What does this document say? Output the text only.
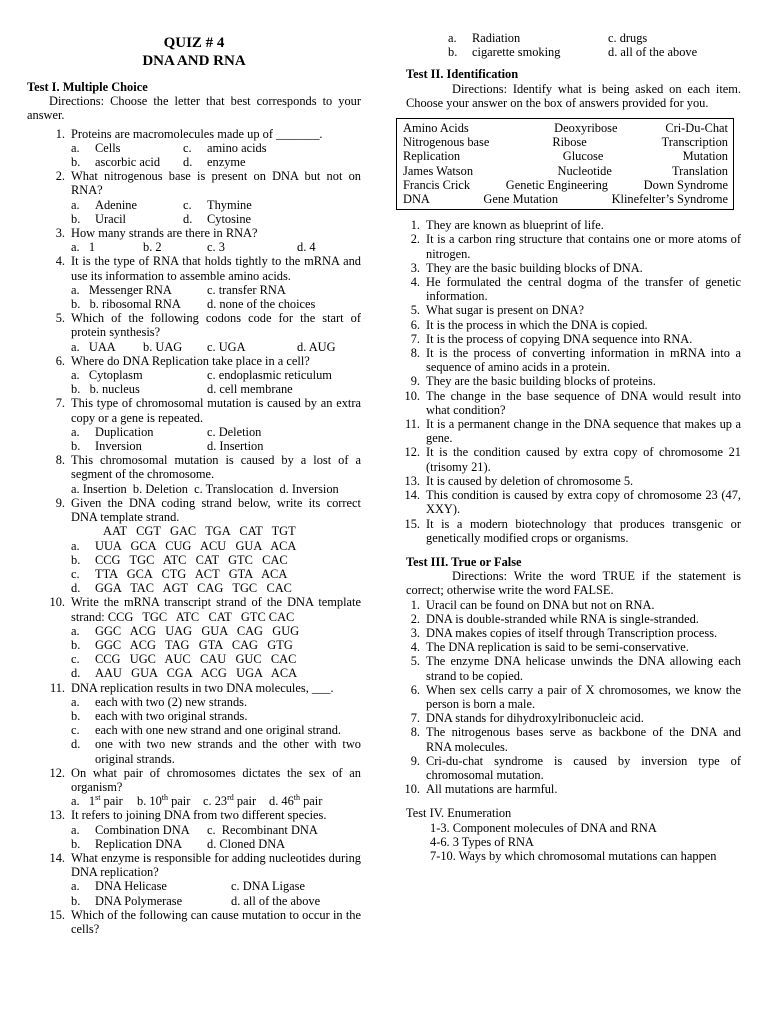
QUIZ # 4
DNA AND RNA
Test I. Multiple Choice
Directions: Choose the letter that best corresponds to your answer.
1. Proteins are macromolecules made up of _______.
a.	Cells	c.	amino acids
b.	ascorbic acid	d.	enzyme
2. What nitrogenous base is present on DNA but not on RNA?
a.	Adenine	c.	Thymine
b.	Uracil	d.	Cytosine
3. How many strands are there in RNA?
a.   1	b. 2	c. 3	d. 4
4. It is the type of RNA that holds tightly to the mRNA and use its information to assemble amino acids.
a.   Messenger RNA	c. transfer RNA
b.   b. ribosomal RNA	d. none of the choices
5. Which of the following codons code for the start of protein synthesis?
a.   UAA	b. UAG	c. UGA	d. AUG
6. Where do DNA Replication take place in a cell?
a.   Cytoplasm	c. endoplasmic reticulum
b.   b. nucleus	d. cell membrane
7. This type of chromosomal mutation is caused by an extra copy or a gene is repeated.
a.	Duplication	c. Deletion
b.	Inversion	d. Insertion
8. This chromosomal mutation is caused by a lost of a segment of the chromosome.
a. Insertion  b. Deletion  c. Translocation  d. Inversion
9. Given the DNA coding strand below, write its correct DNA template strand.
AAT   CGT   GAC   TGA   CAT   TGT
a.	UUA   GCA   CUG   ACU   GUA   ACA
b.	CCG   TGC   ATC   CAT   GTC   CAC
c.	TTA   GCA   CTG   ACT   GTA   ACA
d.	GGA   TAC   AGT   CAG   TGC   CAC
10. Write the mRNA transcript strand of the DNA template strand: CCG   TGC   ATC   CAT   GTC CAC
a.	GGC   ACG   UAG   GUA   CAG   GUG
b.	GGC   ACG   TAG   GTA   CAG   GTG
c.	CCG   UGC   AUC   CAU   GUC   CAC
d.	AAU   GUA   CGA   ACG   UGA   ACA
11. DNA replication results in two DNA molecules, ___.
a.	each with two (2) new strands.
b.	each with two original strands.
c.	each with one new strand and one original strand.
d.	one with two new strands and the other with two original strands.
12. On what pair of chromosomes dictates the sex of an organism?
a.   1st pair	b. 10th pair	c. 23rd pair	d. 46th pair
13. It refers to joining DNA from two different species.
a.	Combination DNA	c.  Recombinant DNA
b.	Replication DNA	d. Cloned DNA
14. What enzyme is responsible for adding nucleotides during DNA replication?
a.	DNA Helicase	c. DNA Ligase
b.	DNA Polymerase	d. all of the above
15. Which of the following can cause mutation to occur in the cells?
a.	Radiation	c. drugs
b.	cigarette smoking	d. all of the above
Test II. Identification
Directions: Identify what is being asked on each item. Choose your answer on the box of answers provided for you.
Amino Acids	Deoxyribose	Cri-Du-Chat
Nitrogenous base	Ribose	Transcription
Replication	Glucose	Mutation
James Watson	Nucleotide	Translation
Francis Crick	Genetic Engineering	Down Syndrome
DNA	Gene Mutation	Klinefelter’s Syndrome
1. They are known as blueprint of life.
2. It is a carbon ring structure that contains one or more atoms of nitrogen.
3. They are the basic building blocks of DNA.
4. He formulated the central dogma of the transfer of genetic information.
5. What sugar is present on DNA?
6. It is the process in which the DNA is copied.
7. It is the process of copying DNA sequence into RNA.
8. It is the process of converting information in mRNA into a sequence of amino acids in a protein.
9. They are the basic building blocks of proteins.
10. The change in the base sequence of DNA would result into what condition?
11. It is a permanent change in the DNA sequence that makes up a gene.
12. It is the condition caused by extra copy of chromosome 21 (trisomy 21).
13. It is caused by deletion of chromosome 5.
14. This condition is caused by extra copy of chromosome 23 (47, XXY).
15. It is a modern biotechnology that produces transgenic or genetically modified crops or organisms.
Test III. True or False
Directions: Write the word TRUE if the statement is correct; otherwise write the word FALSE.
1. Uracil can be found on DNA but not on RNA.
2. DNA is double-stranded while RNA is single-stranded.
3. DNA makes copies of itself through Transcription process.
4. The DNA replication is said to be semi-conservative.
5. The enzyme DNA helicase unwinds the DNA allowing each strand to be copied.
6. When sex cells carry a pair of X chromosomes, we know the person is born a male.
7. DNA stands for dihydroxylribonucleic acid.
8. The nitrogenous bases serve as backbone of the DNA and RNA molecules.
9. Cri-du-chat syndrome is caused by inversion type of chromosomal mutation.
10. All mutations are harmful.
Test IV. Enumeration
1-3. Component molecules of DNA and RNA
4-6. 3 Types of RNA
7-10. Ways by which chromosomal mutations can happen
